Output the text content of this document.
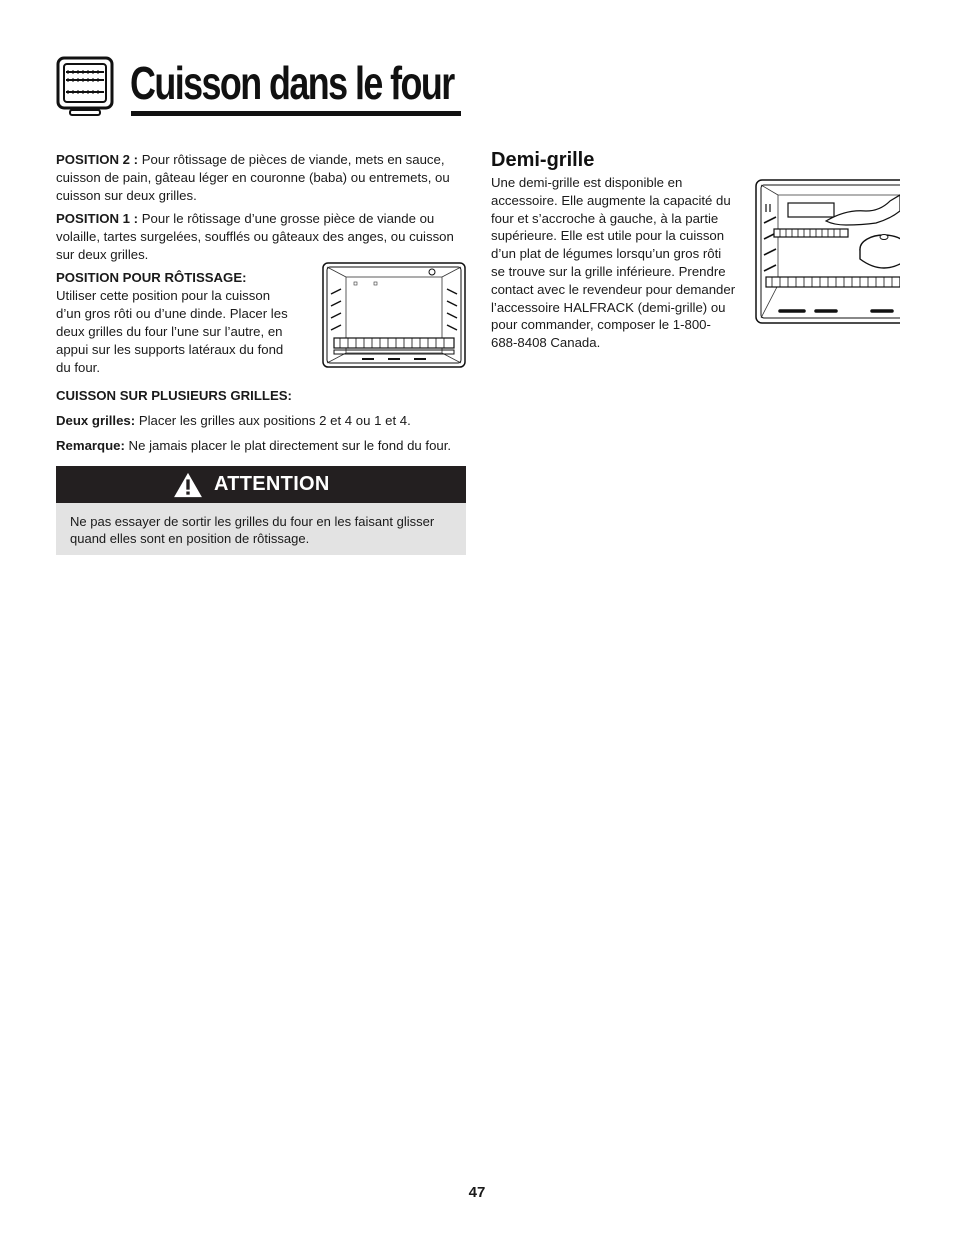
Cuisson dans le four

POSITION 2 : Pour rôtissage de pièces de viande, mets en sauce, cuisson de pain, gâteau léger en couronne (baba) ou entremets, ou cuisson sur deux grilles.

POSITION 1 : Pour le rôtissage d’une grosse pièce de viande ou volaille, tartes surgelées, soufflés ou gâteaux des anges, ou cuisson sur deux grilles.

POSITION POUR RÔTISSAGE:
Utiliser cette position pour la cuisson d’un gros rôti ou d’une dinde. Placer les deux grilles du four l’une sur l’autre, en appui sur les supports latéraux du fond du four.

CUISSON SUR PLUSIEURS GRILLES:

Deux grilles: Placer les grilles aux positions 2 et 4 ou 1 et 4.

Remarque: Ne jamais placer le plat directement sur le fond du four.

ATTENTION
Ne pas essayer de sortir les grilles du four en les faisant glisser quand elles sont en position de rôtissage.
Demi-grille

Une demi-grille est disponible en accessoire. Elle augmente la capacité du four et s’accroche à gauche, à la partie supérieure. Elle est utile pour la cuisson d’un plat de légumes lorsqu’un gros rôti se trouve sur la grille inférieure. Prendre contact avec le revendeur pour demander l’accessoire HALFRACK (demi-grille) ou pour commander, composer le 1-800-688-8408 Canada.

47
